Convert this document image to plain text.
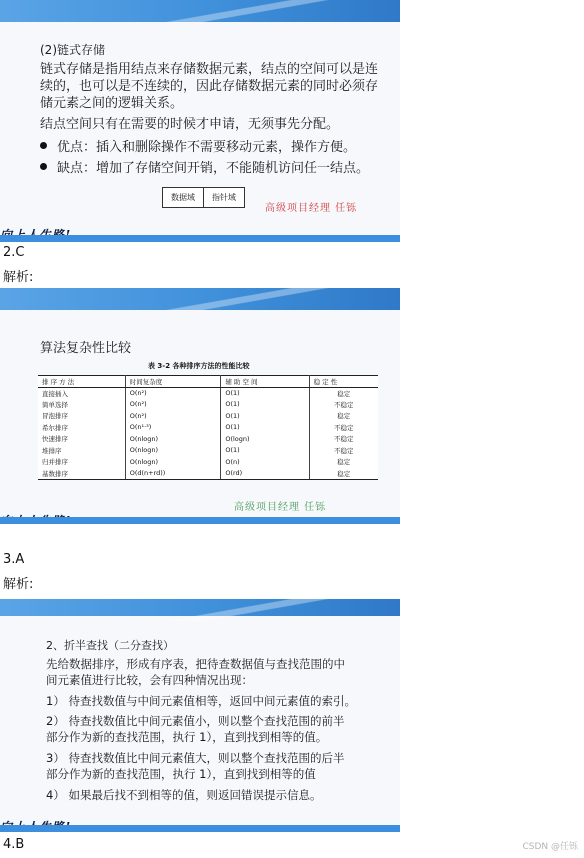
(2)链式存储
链式存储是指用结点来存储数据元素，结点的空间可以是连
续的，也可以是不连续的，因此存储数据元素的同时必须存
储元素之间的逻辑关系。
结点空间只有在需要的时候才申请，无须事先分配。
优点：插入和删除操作不需要移动元素，操作方便。
缺点：增加了存储空间开销，不能随机访问任一结点。
数据域	指针域
高级项目经理 任铄
2.C
解析:
算法复杂性比较
表 3-2 各种排序方法的性能比较
排 序 方 法	时间复杂度	辅 助 空 间	稳 定 性
直接插入	O(n²)	O(1)	稳定
简单选择	O(n²)	O(1)	不稳定
冒泡排序	O(n²)	O(1)	稳定
希尔排序	O(n¹·³)	O(1)	不稳定
快速排序	O(nlogn)	O(logn)	不稳定
堆排序	O(nlogn)	O(1)	不稳定
归并排序	O(nlogn)	O(n)	稳定
基数排序	O(d(n+rd))	O(rd)	稳定
高级项目经理 任铄
3.A
解析:
2、折半查找（二分查找）
先给数据排序，形成有序表，把待查数据值与查找范围的中
间元素值进行比较，会有四种情况出现：
1） 待查找数值与中间元素值相等，返回中间元素值的索引。
2） 待查找数值比中间元素值小，则以整个查找范围的前半
部分作为新的查找范围，执行 1），直到找到相等的值。
3） 待查找数值比中间元素值大，则以整个查找范围的后半
部分作为新的查找范围，执行 1），直到找到相等的值
4） 如果最后找不到相等的值，则返回错误提示信息。
4.B	CSDN @任铄
